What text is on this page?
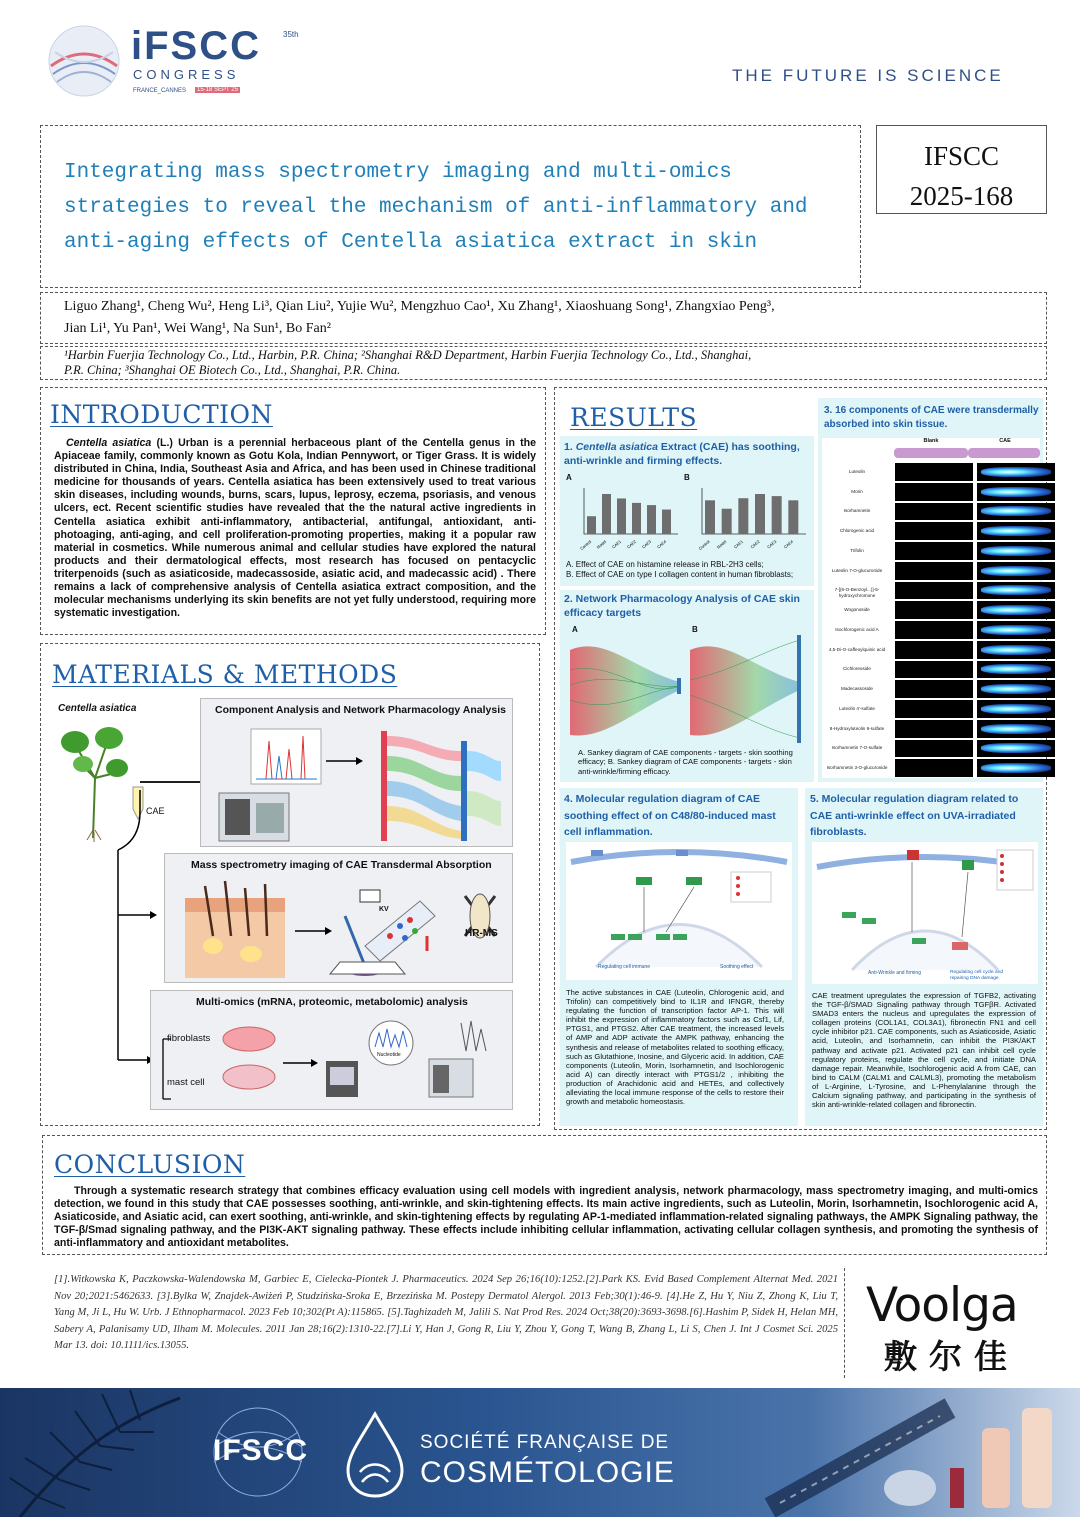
iFSCC	35th
CONGRESS
FRANCE_CANNES	15-18 SEPT 25
THE FUTURE IS SCIENCE
Integrating mass spectrometry imaging and multi-omics
strategies to reveal the mechanism of anti-inflammatory and
anti-aging effects of Centella asiatica extract in skin
IFSCC
2025-168
Liguo Zhang¹, Cheng Wu², Heng Li³, Qian Liu², Yujie Wu², Mengzhuo Cao¹, Xu Zhang¹, Xiaoshuang Song¹, Zhangxiao Peng³,
Jian Li¹, Yu Pan¹, Wei Wang¹, Na Sun¹, Bo Fan²
¹Harbin Fuerjia Technology Co., Ltd., Harbin, P.R. China; ²Shanghai R&D Department, Harbin Fuerjia Technology Co., Ltd., Shanghai,
P.R. China; ³Shanghai OE Biotech Co., Ltd., Shanghai, P.R. China.
INTRODUCTION
Centella asiatica (L.) Urban is a perennial herbaceous plant of the Centella genus in the Apiaceae family, commonly known as Gotu Kola, Indian Pennywort, or Tiger Grass. It is widely distributed in China, India, Southeast Asia and Africa, and has been used in Chinese traditional medicine for thousands of years. Centella asiatica has been extensively used to treat various skin diseases, including wounds, burns, scars, lupus, leprosy, eczema, psoriasis, and venous ulcers, ect. Recent scientific studies have revealed that the the natural active ingredients in Centella asiatica exhibit anti-inflammatory, antibacterial, antifungal, antioxidant, anti-photoaging, anti-aging, and cell proliferation-promoting properties, making it a popular raw material in cosmetics. While numerous animal and cellular studies have explored the natural products and their dermatological effects, most research has focused on pentacyclic triterpenoids (such as asiaticoside, madecassoside, asiatic acid, and madecassic acid) . There remains a lack of comprehensive analysis of Centella asiatica extract composition, and the molecular mechanisms underlying its skin benefits are not yet fully understood, requiring more systematic investigation.
MATERIALS & METHODS
Centella asiatica
CAE
Component Analysis and Network Pharmacology Analysis
Mass spectrometry imaging of CAE Transdermal Absorption
KV
HR-MS
Multi-omics (mRNA, proteomic, metabolomic) analysis
fibroblasts
mast cell
Nucleotide
RESULTS
1. Centella asiatica Extract (CAE) has soothing, anti-wrinkle and firming effects.
A	B
Control Model CAE1 CAE2 CAE3 CAE4	Control Model CAE1 CAE2 CAE3 CAE4
A. Effect of CAE on histamine release in RBL-2H3 cells;
B. Effect of CAE on type I collagen content in human fibroblasts;
2. Network Pharmacology Analysis of CAE skin efficacy targets
A	B
A. Sankey diagram of CAE components - targets - skin soothing efficacy; B. Sankey diagram of CAE components - targets - skin anti-wrinkle/firming efficacy.
3. 16 components of CAE were transdermally absorbed into skin tissue.
Blank	CAE
Luteolin
Morin
Isorhamnetin
Chlorogenic acid
Trifolin
Luteolin 7-O-glucuronide
7-[(6-O-Benzoyl...)]-5-hydroxychromone
Wogonoside
Isochlorogenic acid A
4,5-Di-O-caffeoylquinic acid
Cichloreoside
Madecassoside
Luteolin 4'-sulfate
8-Hydroxyluteolin 8-sulfate
Isorhamnetin 7-O-sulfate
Isorhamnetin 3-O-glucuronide
4. Molecular regulation diagram of CAE soothing effect of on C48/80-induced mast cell inflammation.
Regulating cell immune	Soothing effect
The active substances in CAE (Luteolin, Chlorogenic acid, and Trifolin) can competitively bind to IL1R and IFNGR, thereby regulating the function of transcription factor AP-1. This will inhibit the expression of inflammatory factors such as Csf1, Lif, PTGS1, and PTGS2. After CAE treatment, the increased levels of AMP and ADP activate the AMPK pathway, enhancing the synthesis and release of metabolites related to soothing efficacy, such as Glutathione, Inosine, and Glyceric acid. In addition, CAE components (Luteolin, Morin, Isorhamnetin, and Isochlorogenic acid A) can directly interact with PTGS1/2 , inhibiting the production of Arachidonic acid and HETEs, and collectively alleviating the local immune response of the cells to restore their growth and metabolic homeostasis.
5. Molecular regulation diagram related to CAE anti-wrinkle effect on UVA-irradiated fibroblasts.
Anti-Wrinkle and firming	Regulating cell cycle and repairing DNA damage
CAE treatment upregulates the expression of TGFB2, activating the TGF-β/SMAD Signaling pathway through TGFβR. Activated SMAD3 enters the nucleus and upregulates the expression of collagen proteins (COL1A1, COL3A1), fibronectin FN1 and cell cycle inhibitor p21. CAE components, such as Asiaticoside, Asiatic acid, Luteolin, and Isorhamnetin, can inhibit the PI3K/AKT pathway and activate p21. Activated p21 can inhibit cell cycle regulatory proteins, regulate the cell cycle, and initiate DNA damage repair. Meanwhile, Isochlorogenic acid A from CAE, can bind to CALM (CALM1 and CALML3), promoting the metabolism of L-Arginine, L-Tyrosine, and L-Phenylalanine through the Calcium signaling pathway, and participating in the synthesis of skin anti-wrinkle-related collagen and fibronectin.
CONCLUSION
Through a systematic research strategy that combines efficacy evaluation using cell models with ingredient analysis, network pharmacology, mass spectrometry imaging, and multi-omics detection, we found in this study that CAE possesses soothing, anti-wrinkle, and skin-tightening effects. Its main active ingredients, such as Luteolin, Morin, Isorhamnetin, Isochlorogenic acid A, Asiaticoside, and Asiatic acid, can exert soothing, anti-wrinkle, and skin-tightening effects by regulating AP-1-mediated inflammation-related signaling pathways, the AMPK Signaling pathway, the TGF-β/Smad signaling pathway, and the PI3K-AKT signaling pathway. These effects include inhibiting cellular inflammation, activating cellular collagen synthesis, and promoting the synthesis of anti-inflammatory and antioxidant metabolites.
[1].Witkowska K, Paczkowska-Walendowska M, Garbiec E, Cielecka-Piontek J. Pharmaceutics. 2024 Sep 26;16(10):1252.[2].Park KS. Evid Based Complement Alternat Med. 2021 Nov 20;2021:5462633. [3].Bylka W, Znajdek-Awiżeń P, Studzińska-Sroka E, Brzezińska M. Postepy Dermatol Alergol. 2013 Feb;30(1):46-9. [4].He Z, Hu Y, Niu Z, Zhong K, Liu T, Yang M, Ji L, Hu W. Urb. J Ethnopharmacol. 2023 Feb 10;302(Pt A):115865. [5].Taghizadeh M, Jalili S. Nat Prod Res. 2024 Oct;38(20):3693-3698.[6].Hashim P, Sidek H, Helan MH, Sabery A, Palanisamy UD, Ilham M. Molecules. 2011 Jan 28;16(2):1310-22.[7].Li Y, Han J, Gong R, Liu Y, Zhou Y, Gong T, Wang B, Zhang L, Li S, Chen J. Int J Cosmet Sci. 2025 Mar 13. doi: 10.1111/ics.13055.
Voolga
敷尔佳
IFSCC	SOCIÉTÉ FRANÇAISE DE
COSMÉTOLOGIE
